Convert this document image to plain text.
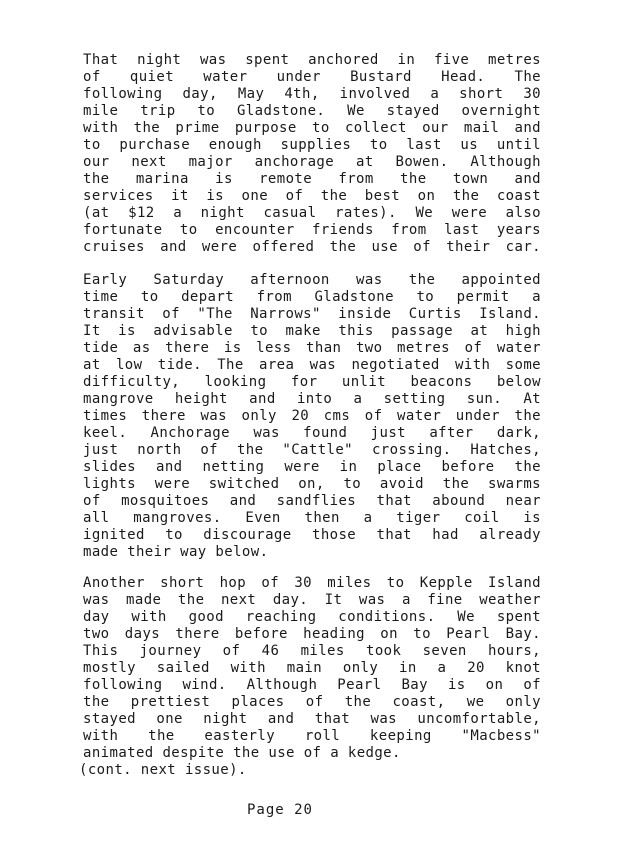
That night was spent anchored in five metres

of quiet water under Bustard Head. The

following day, May 4th, involved a short 30

mile trip to Gladstone. We stayed overnight

with the prime purpose to collect our mail and

to purchase enough supplies to last us until

our next major anchorage at Bowen. Although

the marina is remote from the town and

services it is one of the best on the coast

(at $12 a night casual rates). We were also

fortunate to encounter friends from last years

cruises and were offered the use of their car.

Early Saturday afternoon was the appointed

time to depart from Gladstone to permit a

transit of "The Narrows" inside Curtis Island.

It is advisable to make this passage at high

tide as there is less than two metres of water

at low tide. The area was negotiated with some

difficulty, looking for unlit beacons below

mangrove height and into a setting sun. At

times there was only 20 cms of water under the

keel. Anchorage was found just after dark,

just north of the "Cattle" crossing. Hatches,

slides and netting were in place before the

lights were switched on, to avoid the swarms

of mosquitoes and sandflies that abound near

all mangroves. Even then a tiger coil is

ignited to discourage those that had already

made their way below.

Another short hop of 30 miles to Kepple Island

was made the next day. It was a fine weather

day with good reaching conditions. We spent

two days there before heading on to Pearl Bay.

This journey of 46 miles took seven hours,

mostly sailed with main only in a 20 knot

following wind. Although Pearl Bay is on of

the prettiest places of the coast, we only

stayed one night and that was uncomfortable,

with the easterly roll keeping "Macbess"

animated despite the use of a kedge.

(cont. next issue).

Page 20
